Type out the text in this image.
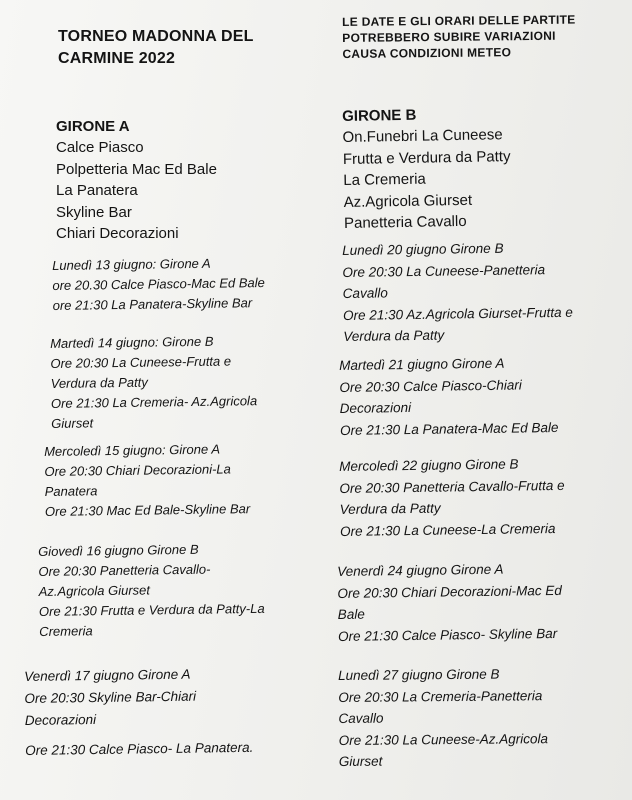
TORNEO MADONNA DEL
CARMINE 2022
LE DATE E GLI ORARI DELLE PARTITE
POTREBBERO SUBIRE VARIAZIONI
CAUSA CONDIZIONI METEO
GIRONE A
Calce Piasco
Polpetteria Mac Ed Bale
La Panatera
Skyline Bar
Chiari Decorazioni
GIRONE B
On.Funebri La Cuneese
Frutta e Verdura da Patty
La Cremeria
Az.Agricola Giurset
Panetteria Cavallo
Lunedì 13 giugno: Girone A
ore 20.30 Calce Piasco-Mac Ed Bale
ore 21:30 La Panatera-Skyline Bar
Martedì 14 giugno: Girone B
Ore 20:30 La Cuneese-Frutta e
Verdura da Patty
Ore 21:30 La Cremeria- Az.Agricola
Giurset
Mercoledì 15 giugno: Girone A
Ore 20:30 Chiari Decorazioni-La
Panatera
Ore 21:30 Mac Ed Bale-Skyline Bar
Giovedì 16 giugno Girone B
Ore 20:30 Panetteria Cavallo-
Az.Agricola Giurset
Ore 21:30 Frutta e Verdura da Patty-La
Cremeria
Venerdì 17 giugno Girone A
Ore 20:30 Skyline Bar-Chiari
Decorazioni
Ore 21:30 Calce Piasco- La Panatera.
Lunedì 20 giugno Girone B
Ore 20:30 La Cuneese-Panetteria
Cavallo
Ore 21:30 Az.Agricola Giurset-Frutta e
Verdura da Patty
Martedì 21 giugno Girone A
Ore 20:30 Calce Piasco-Chiari
Decorazioni
Ore 21:30 La Panatera-Mac Ed Bale
Mercoledì 22 giugno Girone B
Ore 20:30 Panetteria Cavallo-Frutta e
Verdura da Patty
Ore 21:30 La Cuneese-La Cremeria
Venerdì 24 giugno Girone A
Ore 20:30 Chiari Decorazioni-Mac Ed
Bale
Ore 21:30 Calce Piasco- Skyline Bar
Lunedì 27 giugno Girone B
Ore 20:30 La Cremeria-Panetteria
Cavallo
Ore 21:30 La Cuneese-Az.Agricola
Giurset
